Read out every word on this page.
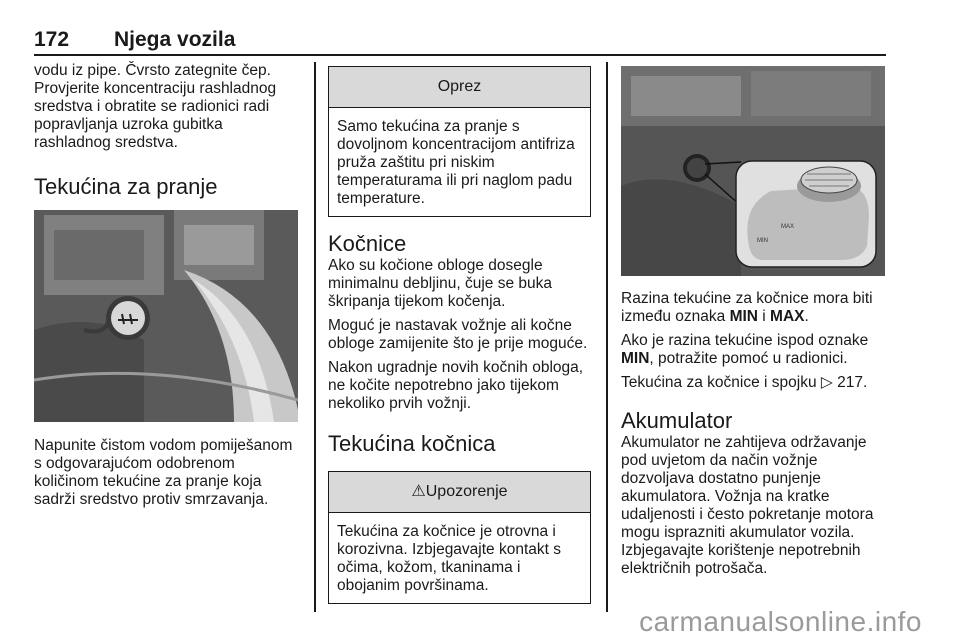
172 Njega vozila

vodu iz pipe. Čvrsto zategnite čep. Provjerite koncentraciju rashladnog sredstva i obratite se radionici radi popravljanja uzroka gubitka rashladnog sredstva.

Tekućina za pranje

Napunite čistom vodom pomiješanom s odgovarajućom odobrenom količinom tekućine za pranje koja sadrži sredstvo protiv smrzavanja.

Oprez
Samo tekućina za pranje s dovoljnom koncentracijom antifriza pruža zaštitu pri niskim temperaturama ili pri naglom padu temperature.
Kočnice

Ako su kočione obloge dosegle minimalnu debljinu, čuje se buka škripanja tijekom kočenja.

Moguć je nastavak vožnje ali kočne obloge zamijenite što je prije moguće.

Nakon ugradnje novih kočnih obloga, ne kočite nepotrebno jako tijekom nekoliko prvih vožnji.

Tekućina kočnica
⚠Upozorenje
Tekućina za kočnice je otrovna i korozivna. Izbjegavajte kontakt s očima, kožom, tkaninama i obojanim površinama.
MAX
MIN

Razina tekućine za kočnice mora biti između oznaka MIN i MAX.

Ako je razina tekućine ispod oznake MIN, potražite pomoć u radionici.

Tekućina za kočnice i spojku ▷ 217.

Akumulator

Akumulator ne zahtijeva održavanje pod uvjetom da način vožnje dozvoljava dostatno punjenje akumulatora. Vožnja na kratke udaljenosti i često pokretanje motora mogu isprazniti akumulator vozila. Izbjegavajte korištenje nepotrebnih električnih potrošača.

carmanualsonline.info
